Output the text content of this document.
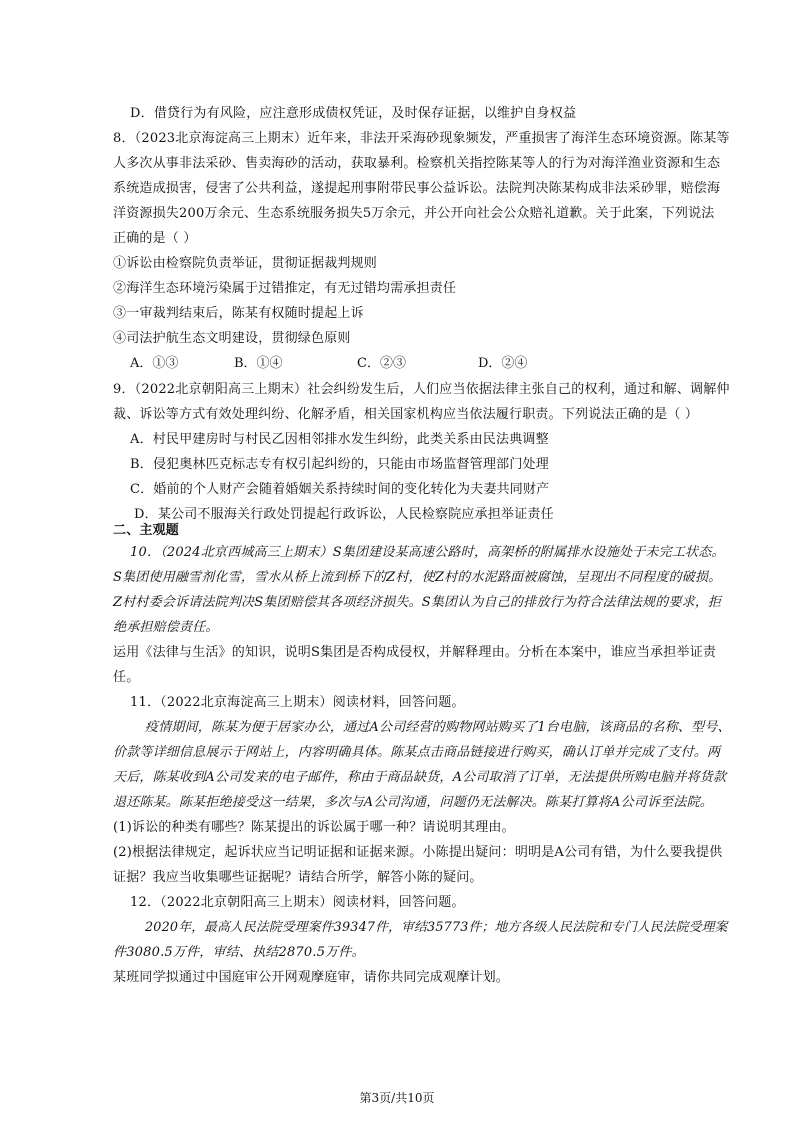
D．借贷行为有风险，应注意形成债权凭证，及时保存证据，以维护自身权益
8．（2023北京海淀高三上期末）近年来，非法开采海砂现象频发，严重损害了海洋生态环境资源。陈某等
人多次从事非法采砂、售卖海砂的活动，获取暴利。检察机关指控陈某等人的行为对海洋渔业资源和生态
系统造成损害，侵害了公共利益，遂提起刑事附带民事公益诉讼。法院判决陈某构成非法采砂罪，赔偿海
洋资源损失200万余元、生态系统服务损失5万余元，并公开向社会公众赔礼道歉。关于此案，下列说法
正确的是（ ）
①诉讼由检察院负责举证，贯彻证据裁判规则
②海洋生态环境污染属于过错推定，有无过错均需承担责任
③一审裁判结束后，陈某有权随时提起上诉
④司法护航生态文明建设，贯彻绿色原则
A．①③	B．①④	C．②③	D．②④
9．（2022北京朝阳高三上期末）社会纠纷发生后，人们应当依据法律主张自己的权利，通过和解、调解仲
裁、诉讼等方式有效处理纠纷、化解矛盾，相关国家机构应当依法履行职责。下列说法正确的是（ ）
A．村民甲建房时与村民乙因相邻排水发生纠纷，此类关系由民法典调整
B．侵犯奥林匹克标志专有权引起纠纷的，只能由市场监督管理部门处理
C．婚前的个人财产会随着婚姻关系持续时间的变化转化为夫妻共同财产
D．某公司不服海关行政处罚提起行政诉讼，人民检察院应承担举证责任
二、主观题
10．（2024北京西城高三上期末）S集团建设某高速公路时，高架桥的附属排水设施处于未完工状态。
S集团使用融雪剂化雪，雪水从桥上流到桥下的Z村，使Z村的水泥路面被腐蚀，呈现出不同程度的破损。
Z村村委会诉请法院判决S集团赔偿其各项经济损失。S集团认为自己的排放行为符合法律法规的要求，拒
绝承担赔偿责任。
运用《法律与生活》的知识，说明S集团是否构成侵权，并解释理由。分析在本案中，谁应当承担举证责
任。
11．（2022北京海淀高三上期末）阅读材料，回答问题。
疫情期间，陈某为便于居家办公，通过A公司经营的购物网站购买了1台电脑，该商品的名称、型号、
价款等详细信息展示于网站上，内容明确具体。陈某点击商品链接进行购买，确认订单并完成了支付。两
天后，陈某收到A公司发来的电子邮件，称由于商品缺货，A公司取消了订单，无法提供所购电脑并将货款
退还陈某。陈某拒绝接受这一结果，多次与A公司沟通，问题仍无法解决。陈某打算将A公司诉至法院。
(1)诉讼的种类有哪些？陈某提出的诉讼属于哪一种？请说明其理由。
(2)根据法律规定，起诉状应当记明证据和证据来源。小陈提出疑问：明明是A公司有错，为什么要我提供
证据？我应当收集哪些证据呢？请结合所学，解答小陈的疑问。
12．（2022北京朝阳高三上期末）阅读材料，回答问题。
2020年，最高人民法院受理案件39347件，审结35773件；地方各级人民法院和专门人民法院受理案
件3080.5万件，审结、执结2870.5万件。
某班同学拟通过中国庭审公开网观摩庭审，请你共同完成观摩计划。
第3页/共10页
